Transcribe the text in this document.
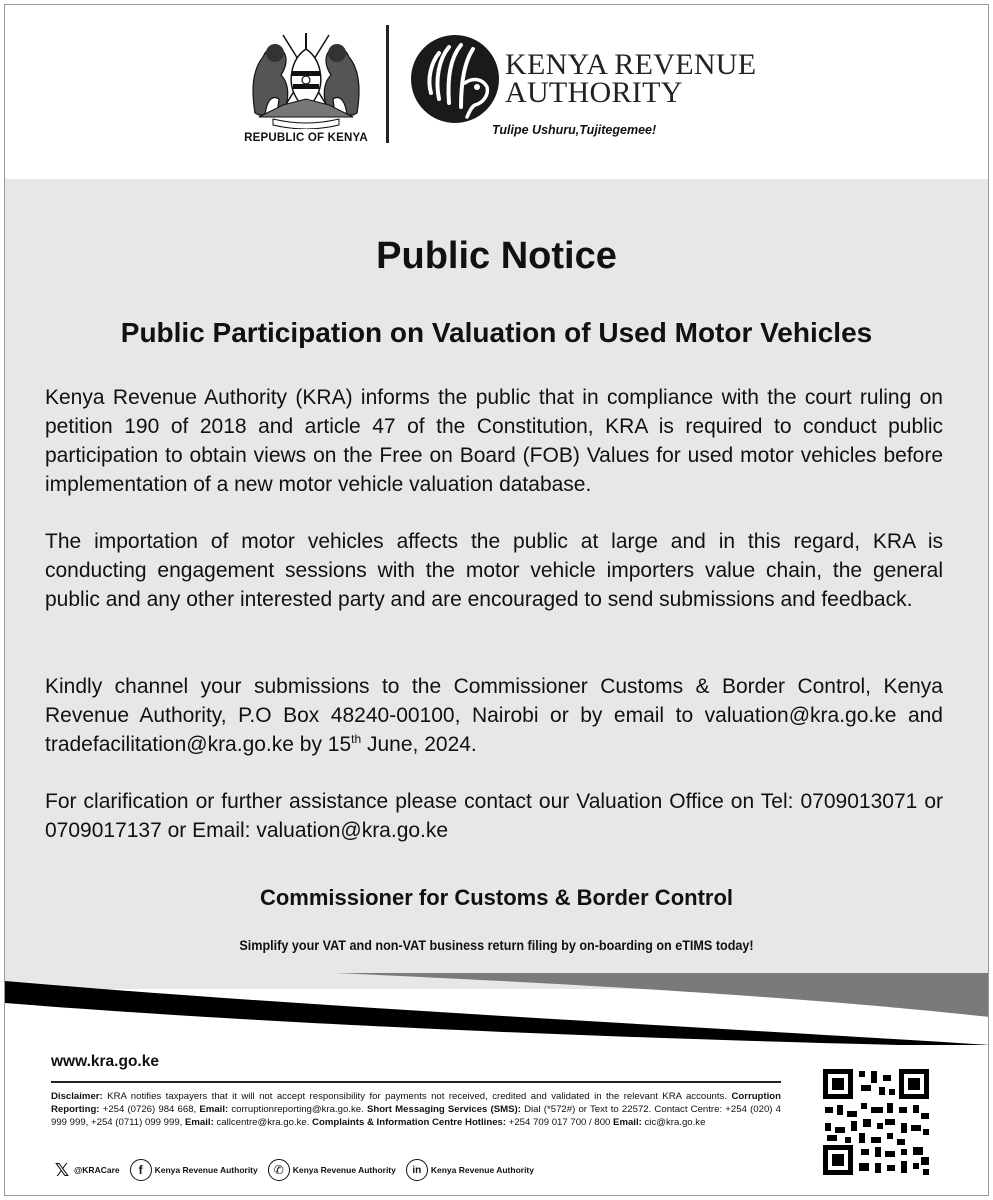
REPUBLIC OF KENYA
KENYA REVENUE
AUTHORITY
Tulipe Ushuru,Tujitegemee!
Public Notice
Public Participation on Valuation of Used Motor Vehicles
Kenya Revenue Authority (KRA) informs the public that in compliance with the court ruling on petition 190 of 2018 and article 47 of the Constitution, KRA is required to conduct public participation to obtain views on the Free on Board (FOB) Values for used motor vehicles before implementation of a new motor vehicle valuation database.
The importation of motor vehicles affects the public at large and in this regard, KRA is conducting engagement sessions with the motor vehicle importers value chain, the general public and any other interested party and are encouraged to send submissions and feedback.
Kindly channel your submissions to the Commissioner Customs & Border Control, Kenya Revenue Authority, P.O Box 48240-00100, Nairobi or by email to valuation@kra.go.ke and tradefacilitation@kra.go.ke by 15th June, 2024.
For clarification or further assistance please contact our Valuation Office on Tel: 0709013071 or 0709017137 or Email: valuation@kra.go.ke
Commissioner for Customs & Border Control
Simplify your VAT and non-VAT business return filing by on-boarding on eTIMS today!
www.kra.go.ke
Disclaimer: KRA notifies taxpayers that it will not accept responsibility for payments not received, credited and validated in the relevant KRA accounts. Corruption Reporting: +254 (0726) 984 668, Email: corruptionreporting@kra.go.ke. Short Messaging Services (SMS): Dial (*572#) or Text to 22572. Contact Centre: +254 (020) 4 999 999, +254 (0711) 099 999, Email: callcentre@kra.go.ke. Complaints & Information Centre Hotlines: +254 709 017 700 / 800 Email: cic@kra.go.ke
𝕏 @KRACare	f	Kenya Revenue Authority	✆	Kenya Revenue Authority	in	Kenya Revenue Authority
